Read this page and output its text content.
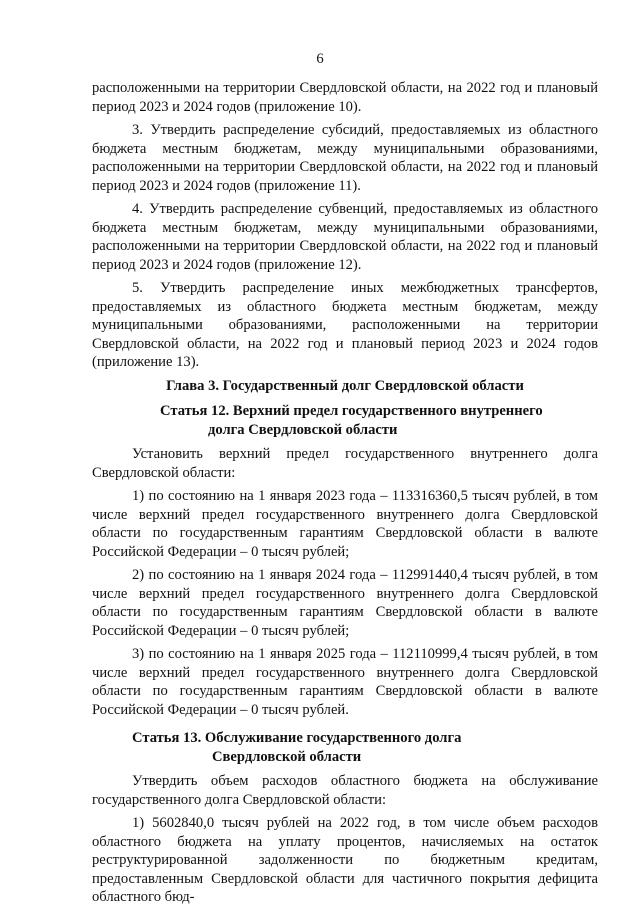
6

расположенными на территории Свердловской области, на 2022 год и плановый период 2023 и 2024 годов (приложение 10).

3. Утвердить распределение субсидий, предоставляемых из областного бюджета местным бюджетам, между муниципальными образованиями, расположенными на территории Свердловской области, на 2022 год и плановый период 2023 и 2024 годов (приложение 11).

4. Утвердить распределение субвенций, предоставляемых из областного бюджета местным бюджетам, между муниципальными образованиями, расположенными на территории Свердловской области, на 2022 год и плановый период 2023 и 2024 годов (приложение 12).

5. Утвердить распределение иных межбюджетных трансфертов, предоставляемых из областного бюджета местным бюджетам, между муниципальными образованиями, расположенными на территории Свердловской области, на 2022 год и плановый период 2023 и 2024 годов (приложение 13).

Глава 3. Государственный долг Свердловской области
Статья 12. Верхний предел государственного внутреннего
долга Свердловской области

Установить верхний предел государственного внутреннего долга Свердловской области:

1) по состоянию на 1 января 2023 года – 113316360,5 тысяч рублей, в том числе верхний предел государственного внутреннего долга Свердловской области по государственным гарантиям Свердловской области в валюте Российской Федерации – 0 тысяч рублей;

2) по состоянию на 1 января 2024 года – 112991440,4 тысяч рублей, в том числе верхний предел государственного внутреннего долга Свердловской области по государственным гарантиям Свердловской области в валюте Российской Федерации – 0 тысяч рублей;

3) по состоянию на 1 января 2025 года – 112110999,4 тысяч рублей, в том числе верхний предел государственного внутреннего долга Свердловской области по государственным гарантиям Свердловской области в валюте Российской Федерации – 0 тысяч рублей.

Статья 13. Обслуживание государственного долга
Свердловской области

Утвердить объем расходов областного бюджета на обслуживание государственного долга Свердловской области:

1) 5602840,0 тысяч рублей на 2022 год, в том числе объем расходов областного бюджета на уплату процентов, начисляемых на остаток реструктурированной задолженности по бюджетным кредитам, предоставленным Свердловской области для частичного покрытия дефицита областного бюд-
